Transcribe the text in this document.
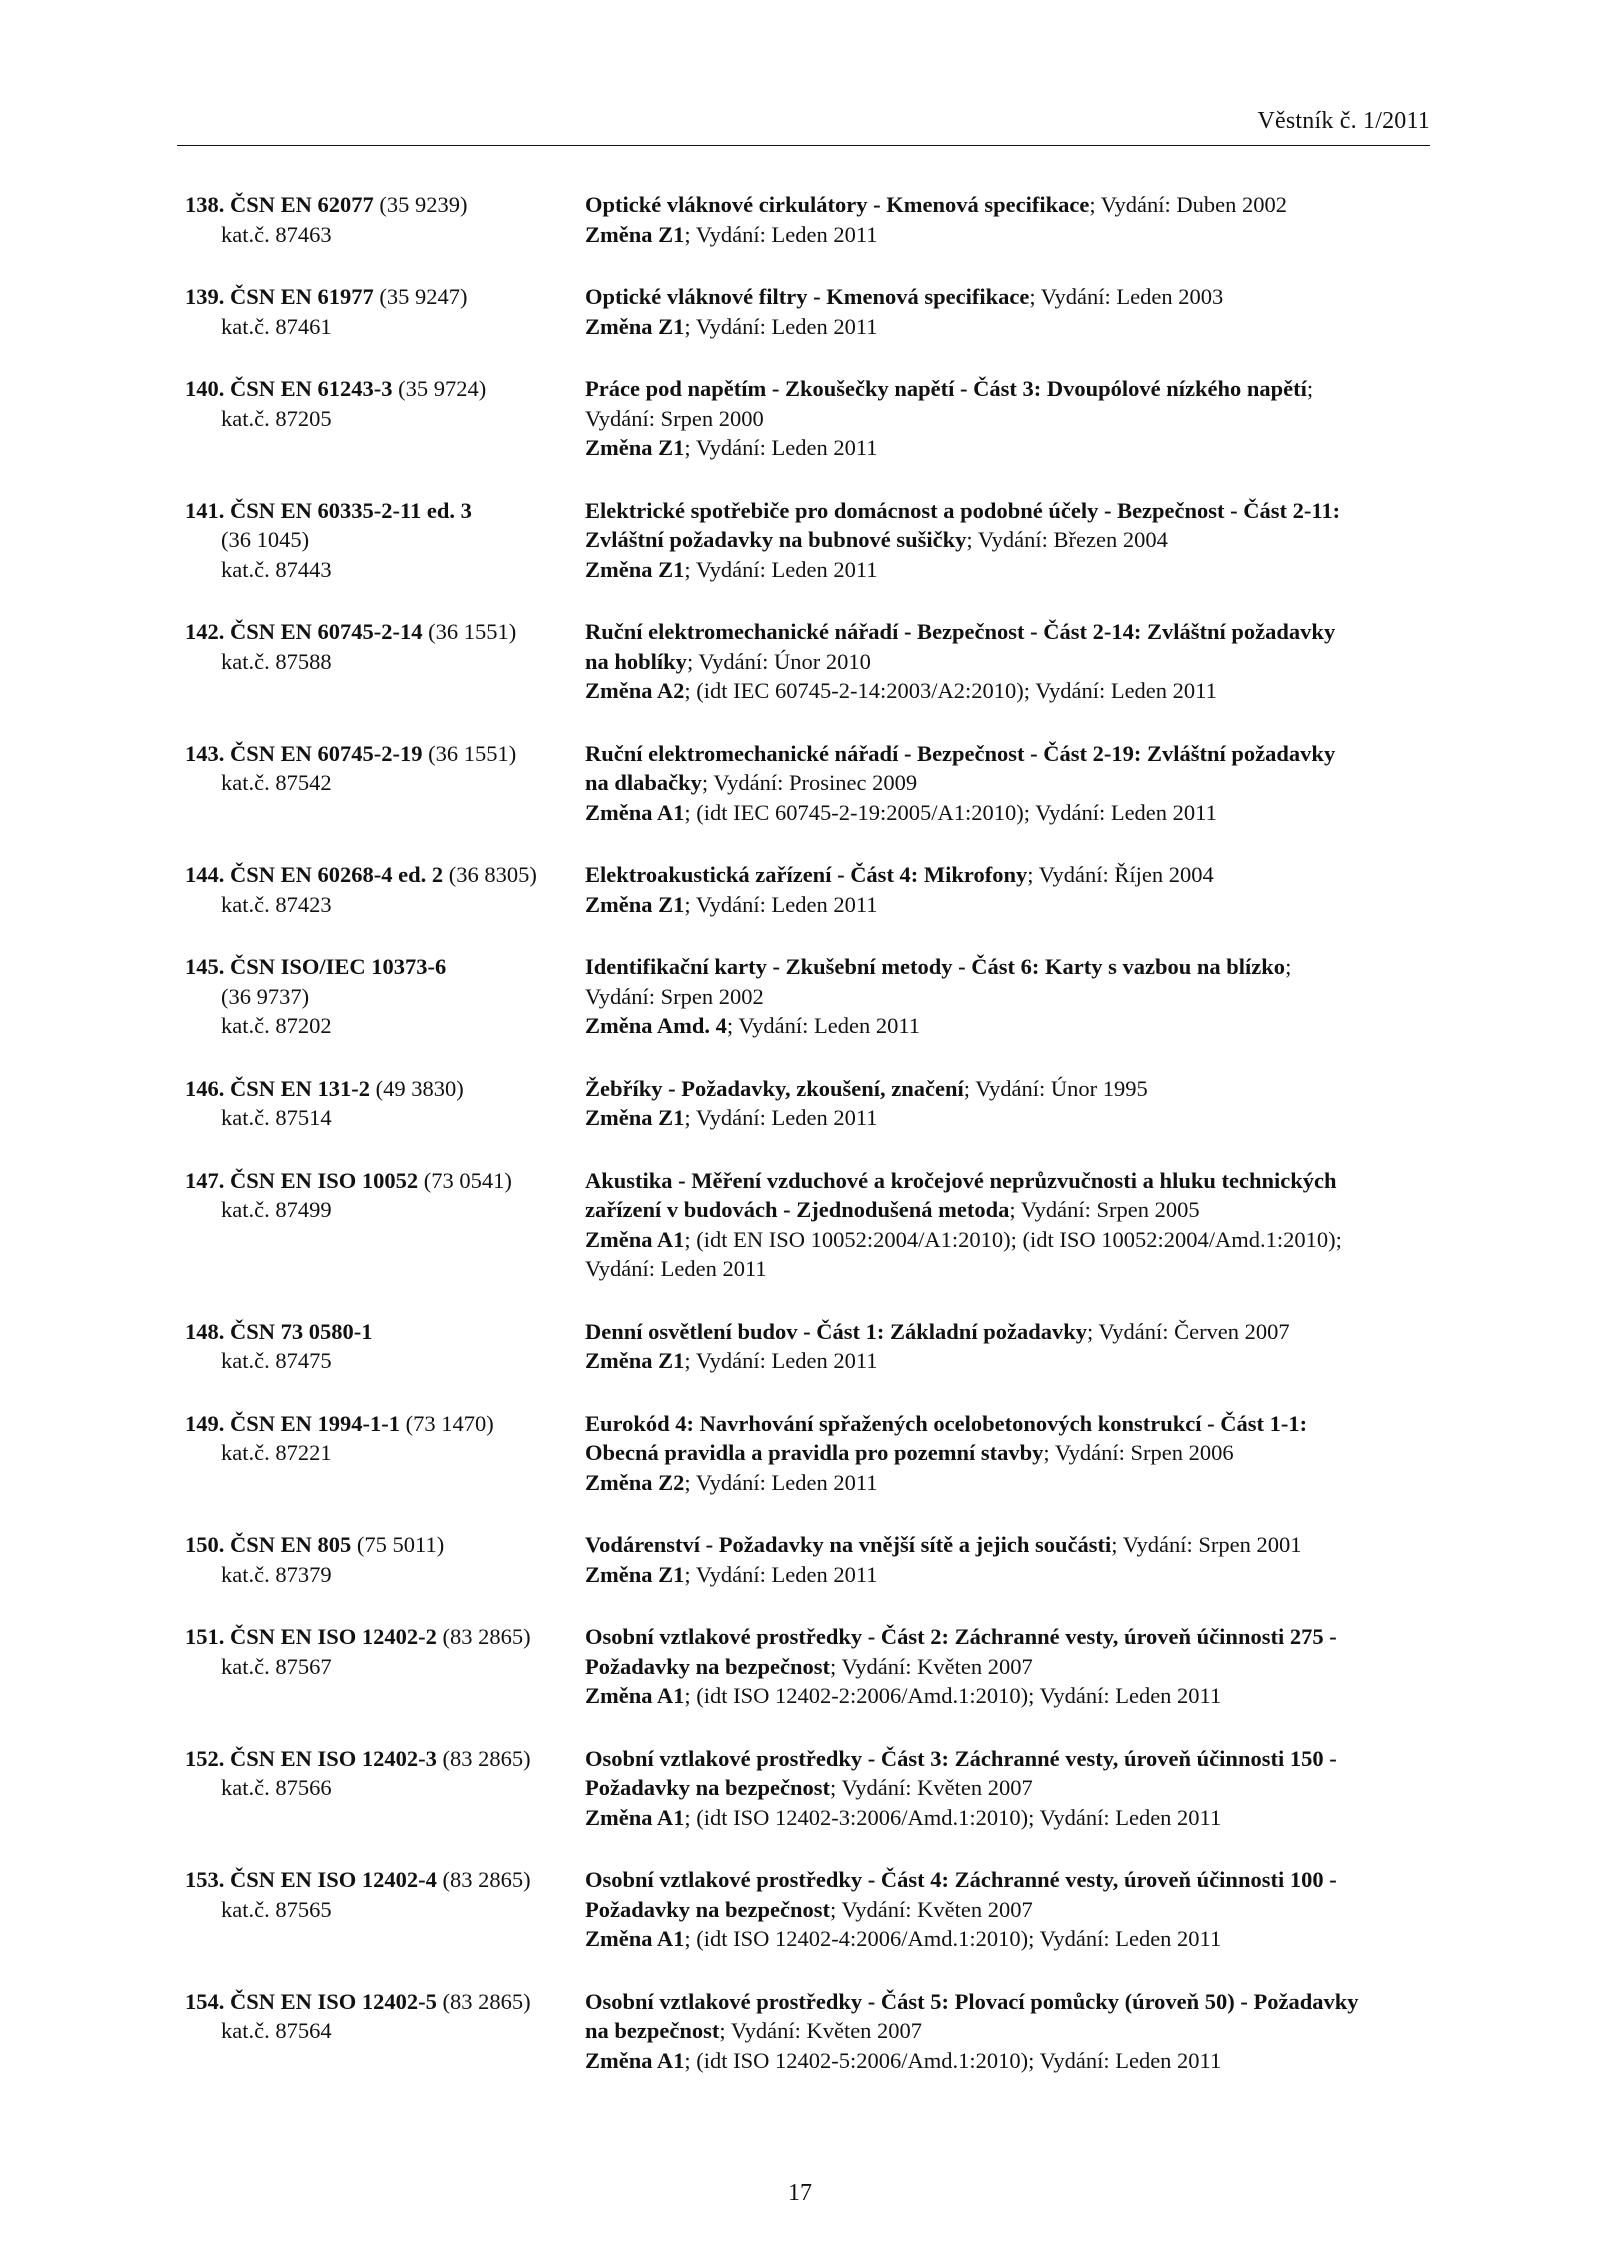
Věstník č. 1/2011
138. ČSN EN 62077 (35 9239)
kat.č. 87463
Optické vláknové cirkulátory - Kmenová specifikace; Vydání: Duben 2002
Změna Z1; Vydání: Leden 2011
139. ČSN EN 61977 (35 9247)
kat.č. 87461
Optické vláknové filtry - Kmenová specifikace; Vydání: Leden 2003
Změna Z1; Vydání: Leden 2011
140. ČSN EN 61243-3 (35 9724)
kat.č. 87205
Práce pod napětím - Zkoušečky napětí - Část 3: Dvoupólové nízkého napětí;
Vydání: Srpen 2000
Změna Z1; Vydání: Leden 2011
141. ČSN EN 60335-2-11 ed. 3
(36 1045)
kat.č. 87443
Elektrické spotřebiče pro domácnost a podobné účely - Bezpečnost - Část 2-11:
Zvláštní požadavky na bubnové sušičky; Vydání: Březen 2004
Změna Z1; Vydání: Leden 2011
142. ČSN EN 60745-2-14 (36 1551)
kat.č. 87588
Ruční elektromechanické nářadí - Bezpečnost - Část 2-14: Zvláštní požadavky
na hoblíky; Vydání: Únor 2010
Změna A2; (idt IEC 60745-2-14:2003/A2:2010); Vydání: Leden 2011
143. ČSN EN 60745-2-19 (36 1551)
kat.č. 87542
Ruční elektromechanické nářadí - Bezpečnost - Část 2-19: Zvláštní požadavky
na dlabačky; Vydání: Prosinec 2009
Změna A1; (idt IEC 60745-2-19:2005/A1:2010); Vydání: Leden 2011
144. ČSN EN 60268-4 ed. 2 (36 8305)
kat.č. 87423
Elektroakustická zařízení - Část 4: Mikrofony; Vydání: Říjen 2004
Změna Z1; Vydání: Leden 2011
145. ČSN ISO/IEC 10373-6
(36 9737)
kat.č. 87202
Identifikační karty - Zkušební metody - Část 6: Karty s vazbou na blízko;
Vydání: Srpen 2002
Změna Amd. 4; Vydání: Leden 2011
146. ČSN EN 131-2 (49 3830)
kat.č. 87514
Žebříky - Požadavky, zkoušení, značení; Vydání: Únor 1995
Změna Z1; Vydání: Leden 2011
147. ČSN EN ISO 10052 (73 0541)
kat.č. 87499
Akustika - Měření vzduchové a kročejové neprůzvučnosti a hluku technických
zařízení v budovách - Zjednodušená metoda; Vydání: Srpen 2005
Změna A1; (idt EN ISO 10052:2004/A1:2010); (idt ISO 10052:2004/Amd.1:2010);
Vydání: Leden 2011
148. ČSN 73 0580-1
kat.č. 87475
Denní osvětlení budov - Část 1: Základní požadavky; Vydání: Červen 2007
Změna Z1; Vydání: Leden 2011
149. ČSN EN 1994-1-1 (73 1470)
kat.č. 87221
Eurokód 4: Navrhování spřažených ocelobetonových konstrukcí - Část 1-1:
Obecná pravidla a pravidla pro pozemní stavby; Vydání: Srpen 2006
Změna Z2; Vydání: Leden 2011
150. ČSN EN 805 (75 5011)
kat.č. 87379
Vodárenství - Požadavky na vnější sítě a jejich součásti; Vydání: Srpen 2001
Změna Z1; Vydání: Leden 2011
151. ČSN EN ISO 12402-2 (83 2865)
kat.č. 87567
Osobní vztlakové prostředky - Část 2: Záchranné vesty, úroveň účinnosti 275 -
Požadavky na bezpečnost; Vydání: Květen 2007
Změna A1; (idt ISO 12402-2:2006/Amd.1:2010); Vydání: Leden 2011
152. ČSN EN ISO 12402-3 (83 2865)
kat.č. 87566
Osobní vztlakové prostředky - Část 3: Záchranné vesty, úroveň účinnosti 150 -
Požadavky na bezpečnost; Vydání: Květen 2007
Změna A1; (idt ISO 12402-3:2006/Amd.1:2010); Vydání: Leden 2011
153. ČSN EN ISO 12402-4 (83 2865)
kat.č. 87565
Osobní vztlakové prostředky - Část 4: Záchranné vesty, úroveň účinnosti 100 -
Požadavky na bezpečnost; Vydání: Květen 2007
Změna A1; (idt ISO 12402-4:2006/Amd.1:2010); Vydání: Leden 2011
154. ČSN EN ISO 12402-5 (83 2865)
kat.č. 87564
Osobní vztlakové prostředky - Část 5: Plovací pomůcky (úroveň 50) - Požadavky
na bezpečnost; Vydání: Květen 2007
Změna A1; (idt ISO 12402-5:2006/Amd.1:2010); Vydání: Leden 2011
17
